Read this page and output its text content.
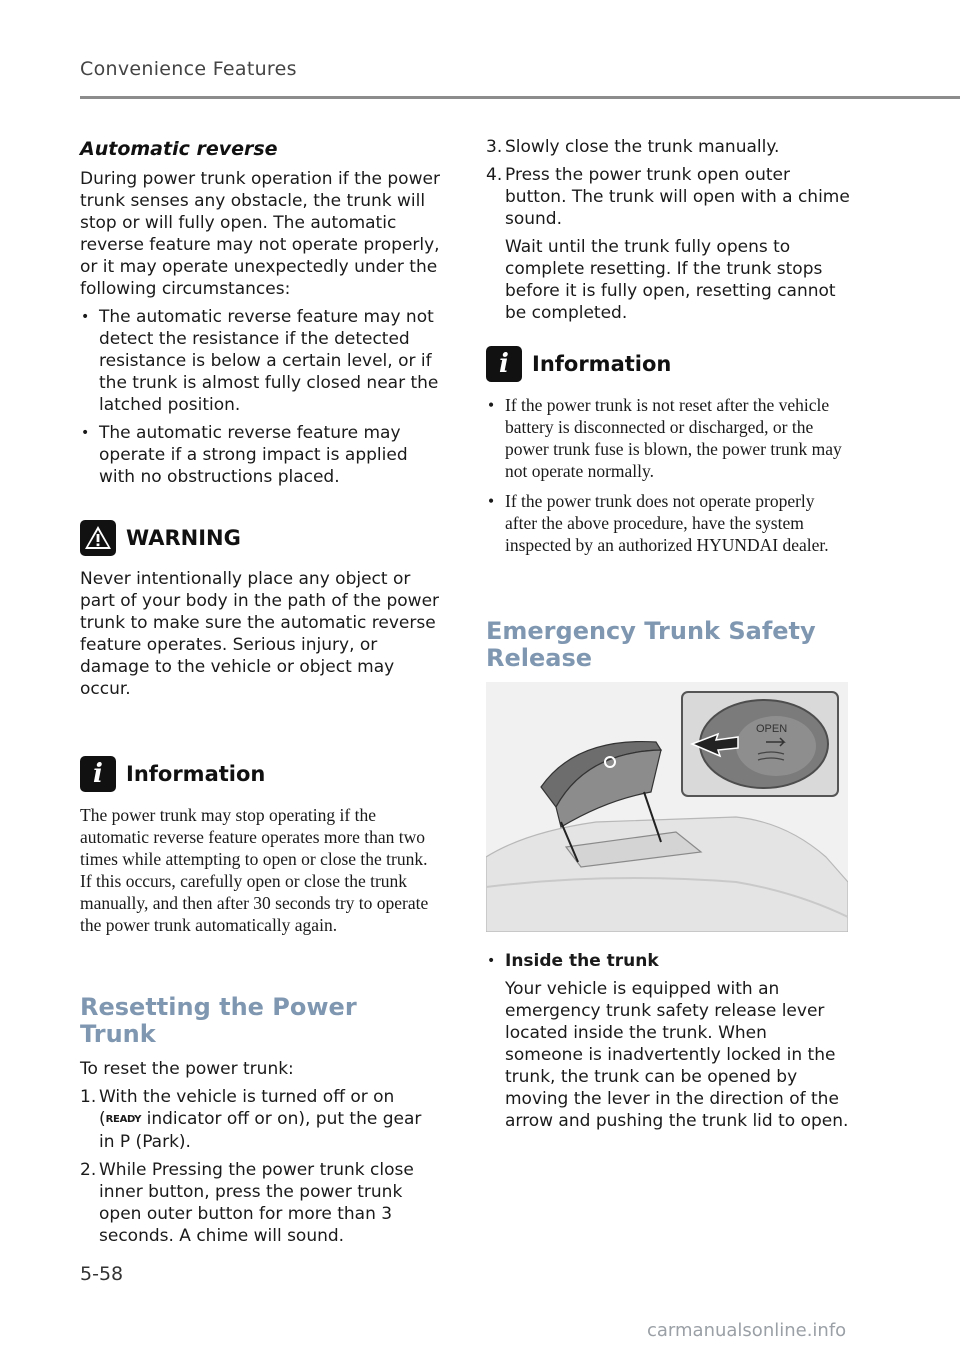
Convenience Features
Automatic reverse

During power trunk operation if the power trunk senses any obstacle, the trunk will stop or will fully open. The automatic reverse feature may not operate properly, or it may operate unexpectedly under the following circumstances:

• The automatic reverse feature may not detect the resistance if the detected resistance is below a certain level, or if the trunk is almost fully closed near the latched position.
• The automatic reverse feature may operate if a strong impact is applied with no obstructions placed.
WARNING

Never intentionally place any object or part of your body in the path of the power trunk to make sure the automatic reverse feature operates. Serious injury, or damage to the vehicle or object may occur.

i Information

The power trunk may stop operating if the automatic reverse feature operates more than two times while attempting to open or close the trunk. If this occurs, carefully open or close the trunk manually, and then after 30 seconds try to operate the power trunk automatically again.

Resetting the Power Trunk

To reset the power trunk:

1. With the vehicle is turned off or on (READY indicator off or on), put the gear in P (Park).
2. While Pressing the power trunk close inner button, press the power trunk open outer button for more than 3 seconds. A chime will sound.
3. Slowly close the trunk manually.
4. Press the power trunk open outer button. The trunk will open with a chime sound.
Wait until the trunk fully opens to complete resetting. If the trunk stops before it is fully open, resetting cannot be completed.
i Information
• If the power trunk is not reset after the vehicle battery is disconnected or discharged, or the power trunk fuse is blown, the power trunk may not operate normally.
• If the power trunk does not operate properly after the above procedure, have the system inspected by an authorized HYUNDAI dealer.
Emergency Trunk Safety
Release
OPEN
• Inside the trunk
Your vehicle is equipped with an emergency trunk safety release lever located inside the trunk. When someone is inadvertently locked in the trunk, the trunk can be opened by moving the lever in the direction of the arrow and pushing the trunk lid to open.
5-58
carmanualsonline.info
